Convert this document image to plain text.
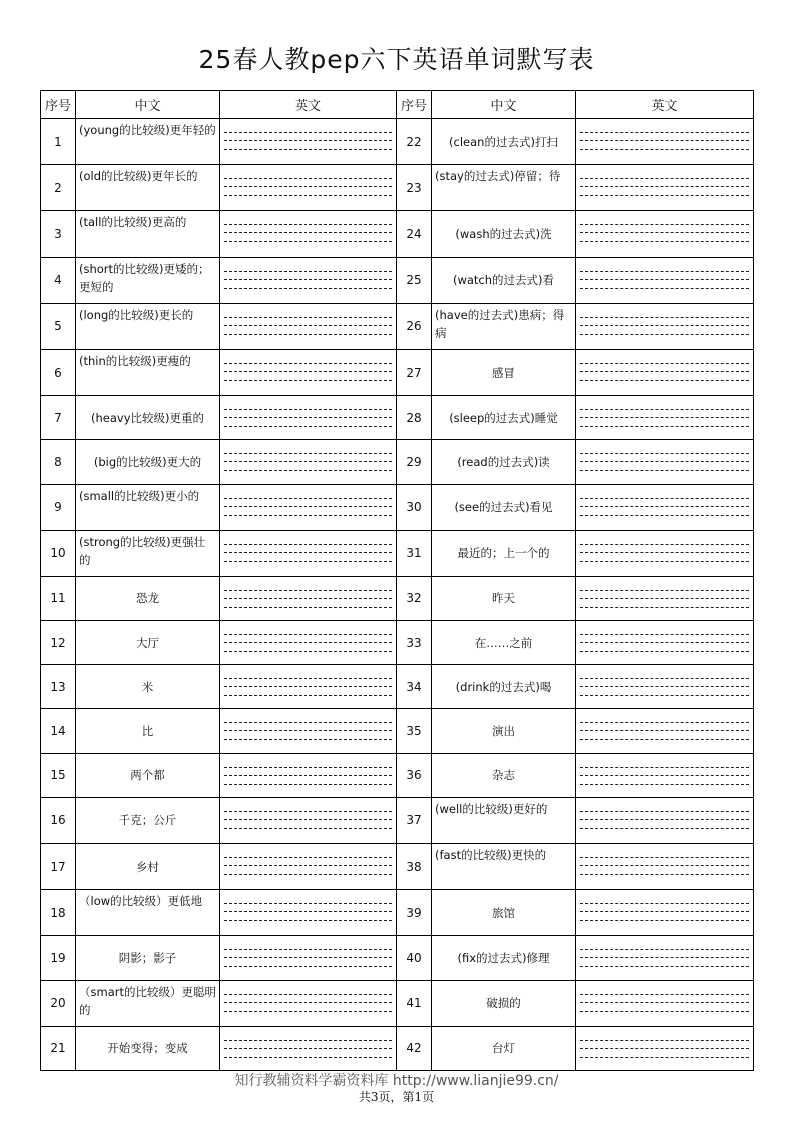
25春人教pep六下英语单词默写表
序号	中文	英文	序号	中文	英文
1	(young的比较级)更年轻的		22	(clean的过去式)打扫	

2	(old的比较级)更年长的		23	(stay的过去式)停留；待	

3	(tall的比较级)更高的		24	(wash的过去式)洗	

4	(short的比较级)更矮的；更短的		25	(watch的过去式)看	

5	(long的比较级)更长的		26	(have的过去式)患病；得病	

6	(thin的比较级)更瘦的		27	感冒	

7	(heavy比较级)更重的		28	(sleep的过去式)睡觉	

8	(big的比较级)更大的		29	(read的过去式)读	

9	(small的比较级)更小的		30	(see的过去式)看见	

10	(strong的比较级)更强壮的		31	最近的；上一个的	

11	恐龙		32	昨天	

12	大厅		33	在……之前	

13	米		34	(drink的过去式)喝	

14	比		35	演出	

15	两个都		36	杂志	

16	千克；公斤		37	(well的比较级)更好的	

17	乡村		38	(fast的比较级)更快的	

18	（low的比较级）更低地		39	旅馆	

19	阴影；影子		40	(fix的过去式)修理	

20	（smart的比较级）更聪明的		41	破损的	

21	开始变得；变成		42	台灯	
知行教辅资料学霸资料库 http://www.lianjie99.cn/
共3页，第1页
